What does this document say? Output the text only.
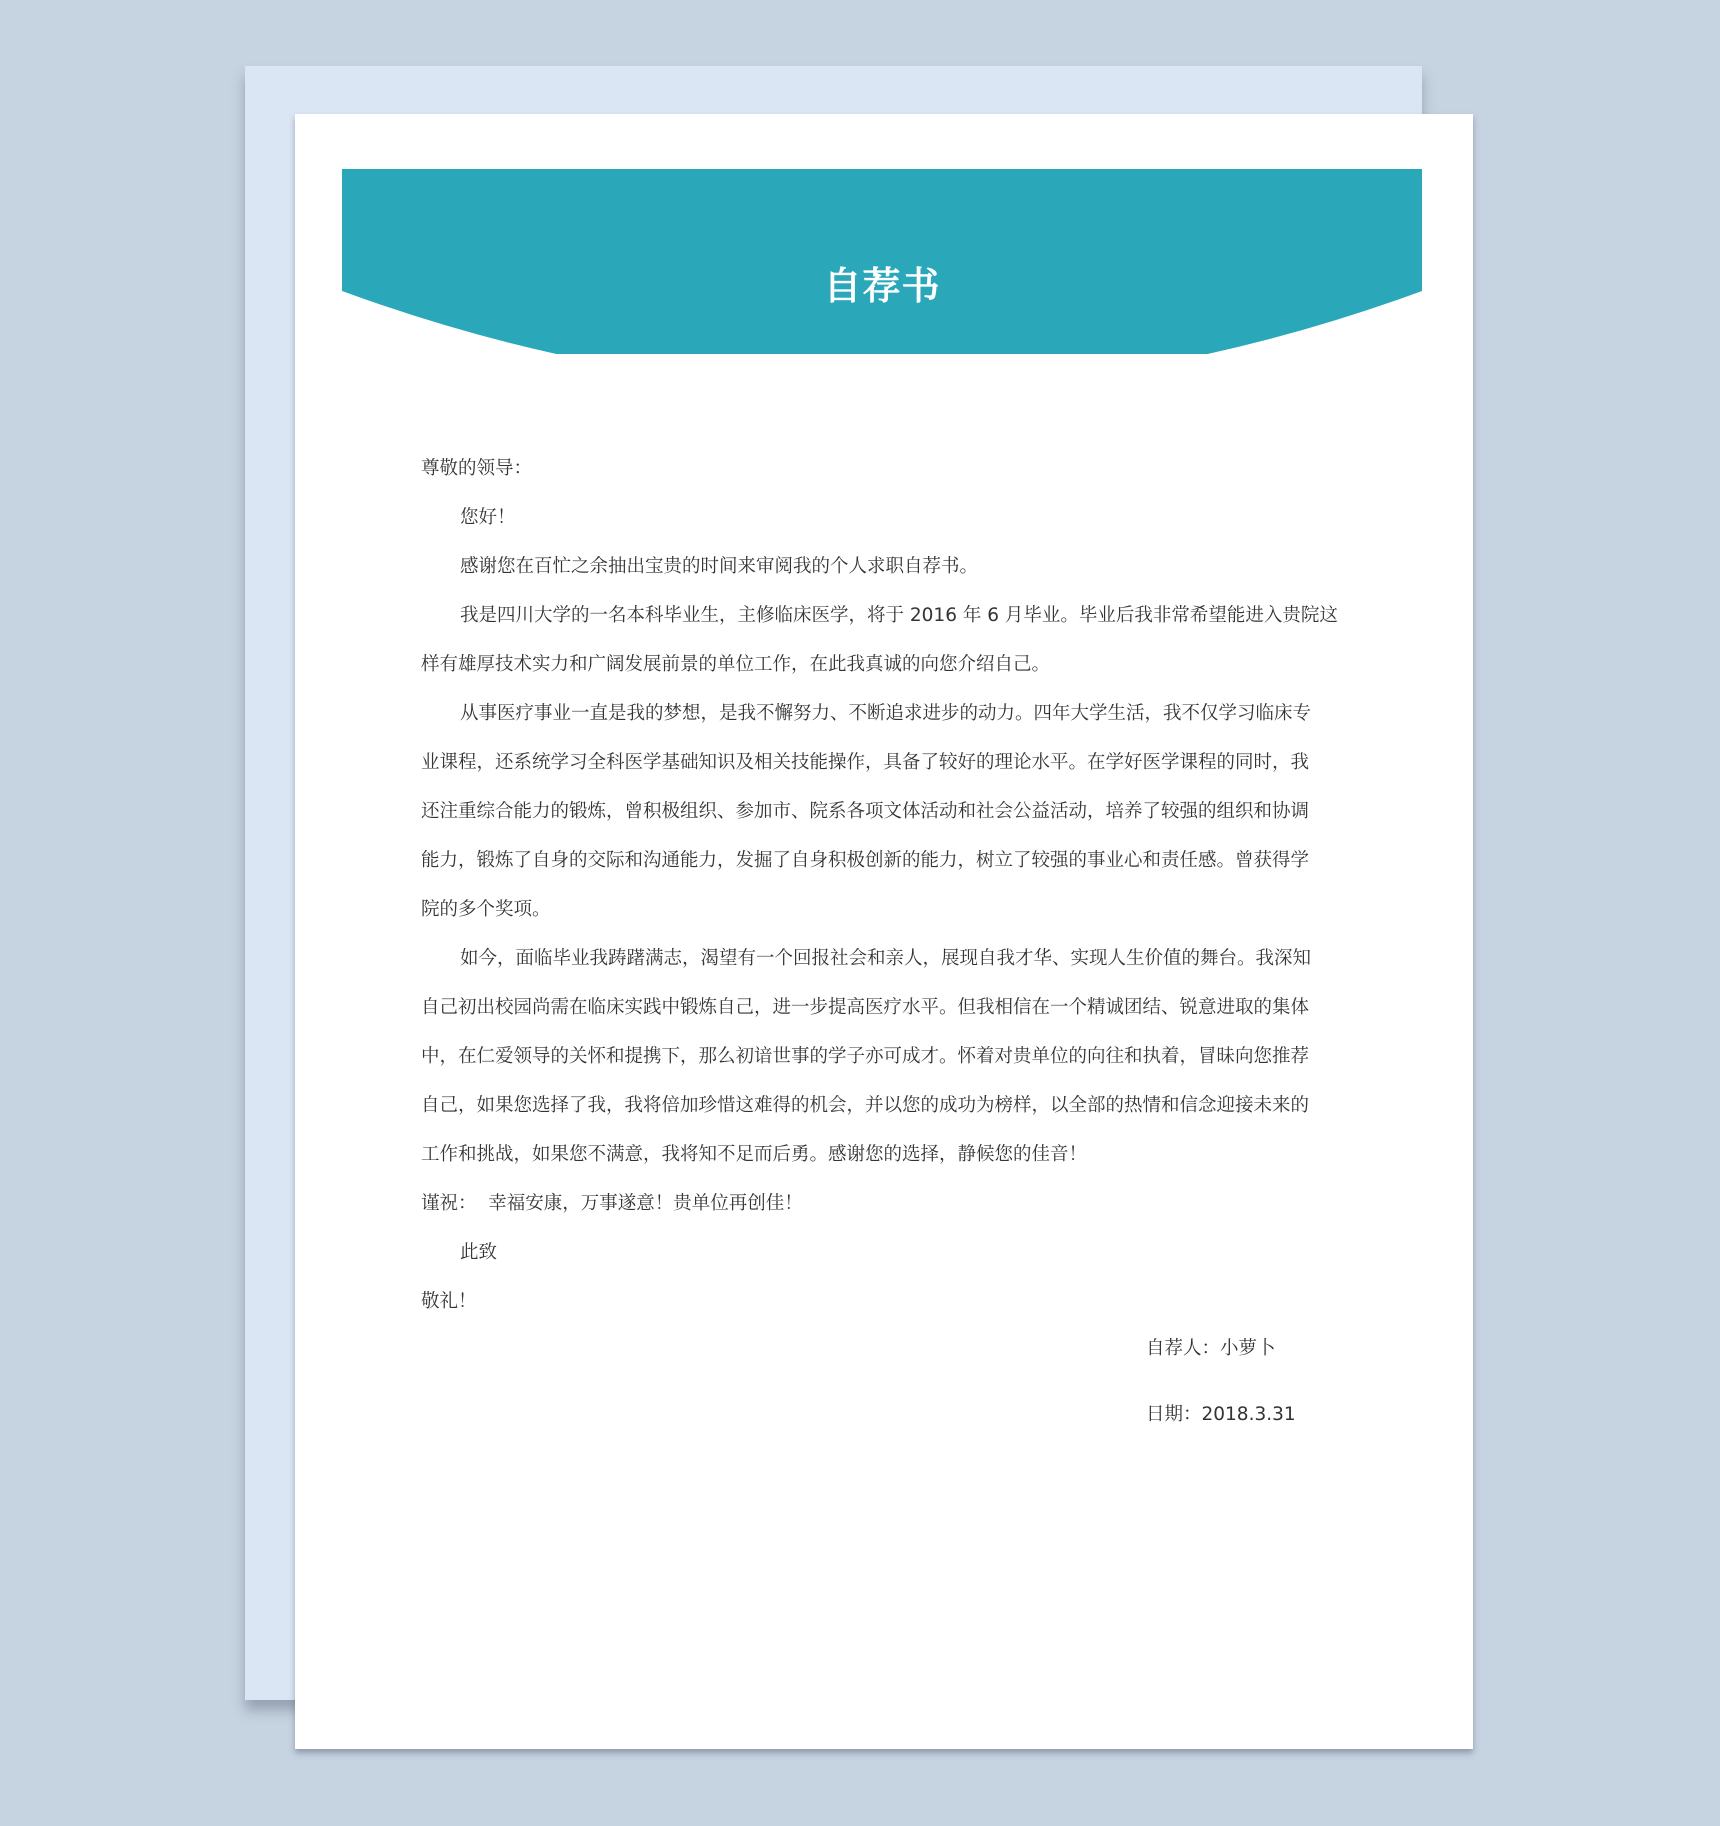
自荐书
尊敬的领导：
您好！
感谢您在百忙之余抽出宝贵的时间来审阅我的个人求职自荐书。
我是四川大学的一名本科毕业生，主修临床医学，将于 2016 年 6 月毕业。毕业后我非常希望能进入贵院这
样有雄厚技术实力和广阔发展前景的单位工作，在此我真诚的向您介绍自己。
从事医疗事业一直是我的梦想，是我不懈努力、不断追求进步的动力。四年大学生活，我不仅学习临床专
业课程，还系统学习全科医学基础知识及相关技能操作，具备了较好的理论水平。在学好医学课程的同时，我
还注重综合能力的锻炼，曾积极组织、参加市、院系各项文体活动和社会公益活动，培养了较强的组织和协调
能力，锻炼了自身的交际和沟通能力，发掘了自身积极创新的能力，树立了较强的事业心和责任感。曾获得学
院的多个奖项。
如今，面临毕业我踌躇满志，渴望有一个回报社会和亲人，展现自我才华、实现人生价值的舞台。我深知
自己初出校园尚需在临床实践中锻炼自己，进一步提高医疗水平。但我相信在一个精诚团结、锐意进取的集体
中，在仁爱领导的关怀和提携下，那么初谙世事的学子亦可成才。怀着对贵单位的向往和执着，冒昧向您推荐
自己，如果您选择了我，我将倍加珍惜这难得的机会，并以您的成功为榜样，以全部的热情和信念迎接未来的
工作和挑战，如果您不满意，我将知不足而后勇。感谢您的选择，静候您的佳音！
谨祝：  幸福安康，万事遂意！贵单位再创佳！
此致
敬礼！
自荐人：小萝卜
日期：2018.3.31
